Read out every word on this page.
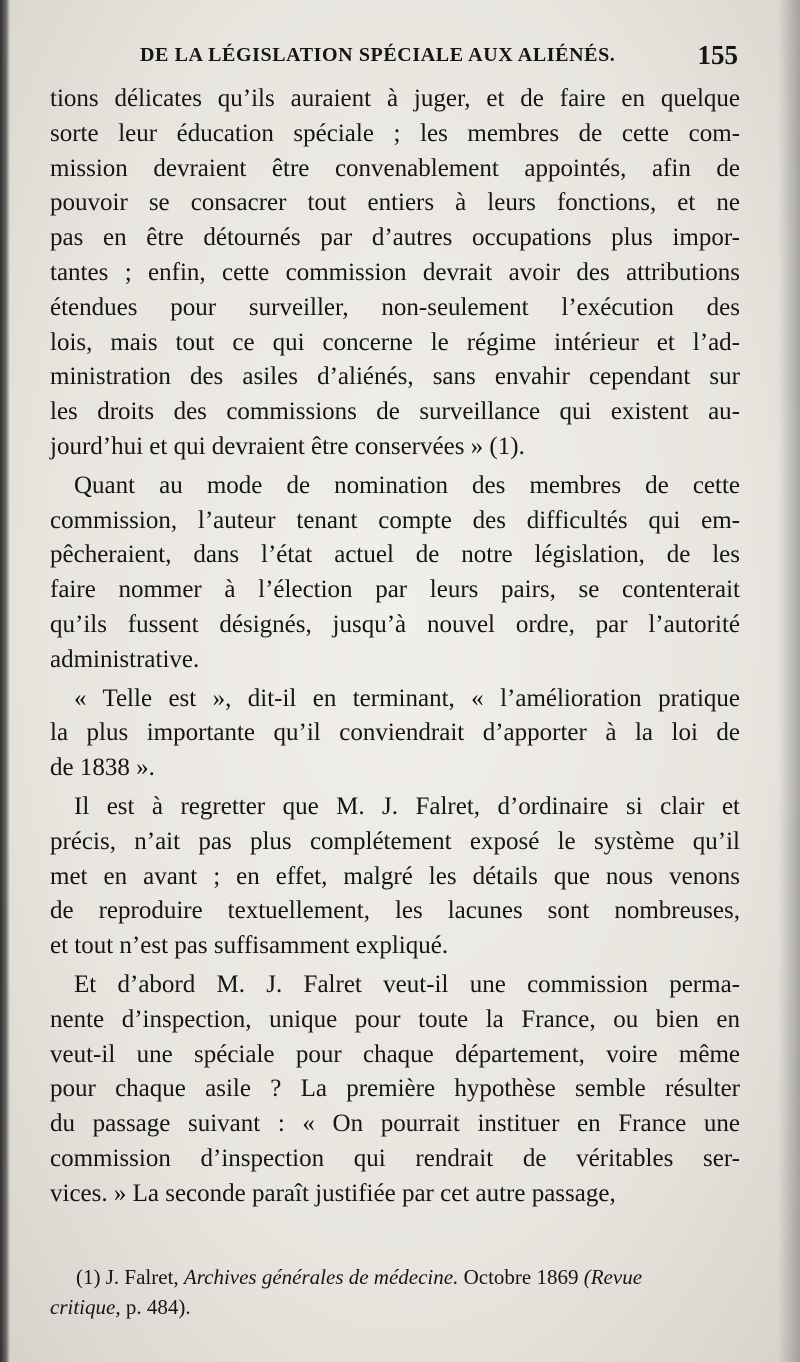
DE LA LÉGISLATION SPÉCIALE AUX ALIÉNÉS.	155
tions délicates qu’ils auraient à juger, et de faire en quelque
sorte leur éducation spéciale ; les membres de cette com-
mission devraient être convenablement appointés, afin de
pouvoir se consacrer tout entiers à leurs fonctions, et ne
pas en être détournés par d’autres occupations plus impor-
tantes ; enfin, cette commission devrait avoir des attributions
étendues pour surveiller, non-seulement l’exécution des
lois, mais tout ce qui concerne le régime intérieur et l’ad-
ministration des asiles d’aliénés, sans envahir cependant sur
les droits des commissions de surveillance qui existent au-
jourd’hui et qui devraient être conservées » (1).
Quant au mode de nomination des membres de cette
commission, l’auteur tenant compte des difficultés qui em-
pêcheraient, dans l’état actuel de notre législation, de les
faire nommer à l’élection par leurs pairs, se contenterait
qu’ils fussent désignés, jusqu’à nouvel ordre, par l’autorité
administrative.
« Telle est », dit-il en terminant, « l’amélioration pratique
la plus importante qu’il conviendrait d’apporter à la loi de
de 1838 ».
Il est à regretter que M. J. Falret, d’ordinaire si clair et
précis, n’ait pas plus complétement exposé le système qu’il
met en avant ; en effet, malgré les détails que nous venons
de reproduire textuellement, les lacunes sont nombreuses,
et tout n’est pas suffisamment expliqué.
Et d’abord M. J. Falret veut-il une commission perma-
nente d’inspection, unique pour toute la France, ou bien en
veut-il une spéciale pour chaque département, voire même
pour chaque asile ? La première hypothèse semble résulter
du passage suivant : « On pourrait instituer en France une
commission d’inspection qui rendrait de véritables ser-
vices. » La seconde paraît justifiée par cet autre passage,
(1) J. Falret, Archives générales de médecine. Octobre 1869 (Revue
critique, p. 484).
